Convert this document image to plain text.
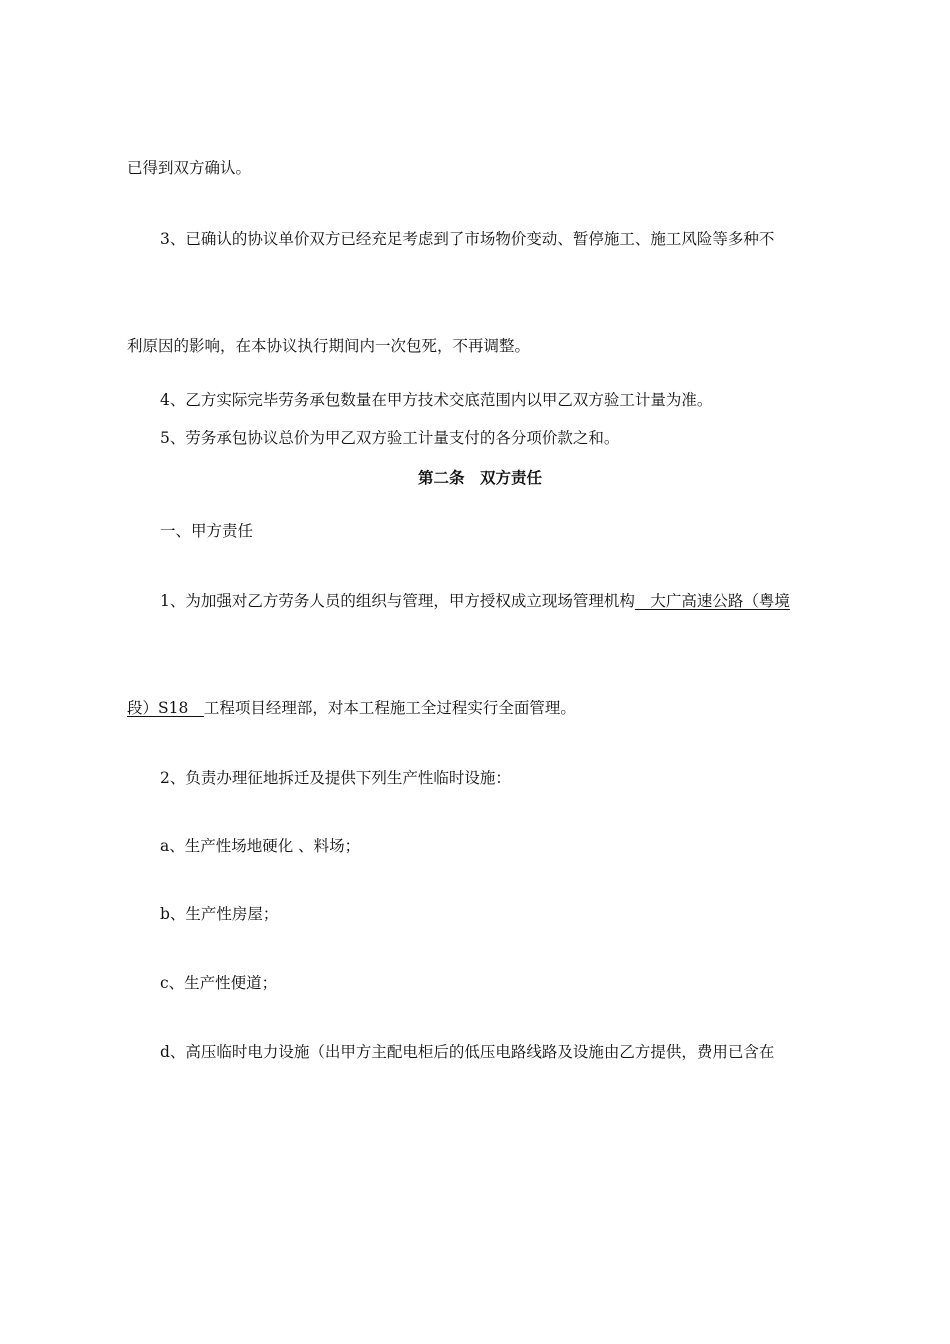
已得到双方确认。

3、已确认的协议单价双方已经充足考虑到了市场物价变动、暂停施工、施工风险等多种不

利原因的影响，在本协议执行期间内一次包死，不再调整。

4、乙方实际完毕劳务承包数量在甲方技术交底范围内以甲乙双方验工计量为准。

5、劳务承包协议总价为甲乙双方验工计量支付的各分项价款之和。

第二条　双方责任

一、甲方责任

1、为加强对乙方劳务人员的组织与管理，甲方授权成立现场管理机构　大广高速公路（粤境

段）S18　工程项目经理部，对本工程施工全过程实行全面管理。

2、负责办理征地拆迁及提供下列生产性临时设施：

a、生产性场地硬化 、料场；

b、生产性房屋；

c、生产性便道；

d、高压临时电力设施（出甲方主配电柜后的低压电路线路及设施由乙方提供，费用已含在
